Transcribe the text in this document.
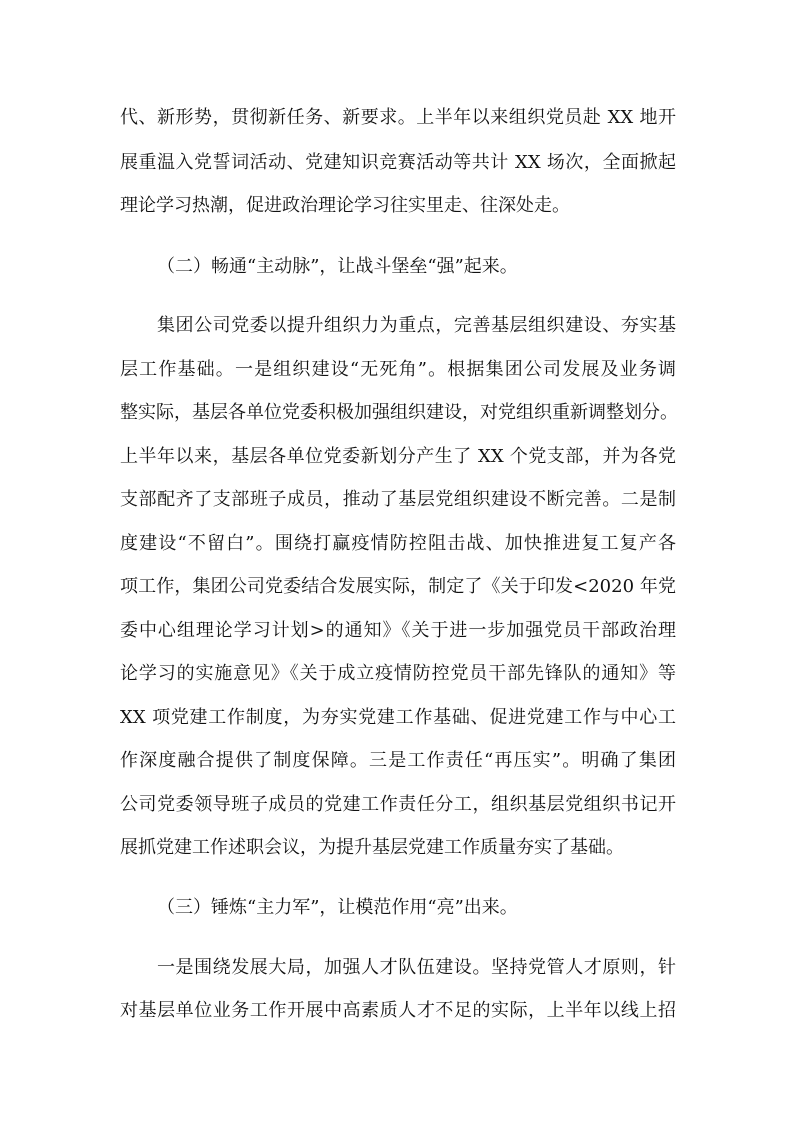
代、新形势，贯彻新任务、新要求。上半年以来组织党员赴 XX 地开
展重温入党誓词活动、党建知识竞赛活动等共计 XX 场次，全面掀起
理论学习热潮，促进政治理论学习往实里走、往深处走。
（二）畅通“主动脉”，让战斗堡垒“强”起来。
集团公司党委以提升组织力为重点，完善基层组织建设、夯实基
层工作基础。一是组织建设“无死角”。根据集团公司发展及业务调
整实际，基层各单位党委积极加强组织建设，对党组织重新调整划分。
上半年以来，基层各单位党委新划分产生了 XX 个党支部，并为各党
支部配齐了支部班子成员，推动了基层党组织建设不断完善。二是制
度建设“不留白”。围绕打赢疫情防控阻击战、加快推进复工复产各
项工作，集团公司党委结合发展实际，制定了《关于印发<2020 年党
委中心组理论学习计划>的通知》《关于进一步加强党员干部政治理
论学习的实施意见》《关于成立疫情防控党员干部先锋队的通知》等
XX 项党建工作制度，为夯实党建工作基础、促进党建工作与中心工
作深度融合提供了制度保障。三是工作责任“再压实”。明确了集团
公司党委领导班子成员的党建工作责任分工，组织基层党组织书记开
展抓党建工作述职会议，为提升基层党建工作质量夯实了基础。
（三）锤炼“主力军”，让模范作用“亮”出来。
一是围绕发展大局，加强人才队伍建设。坚持党管人才原则，针
对基层单位业务工作开展中高素质人才不足的实际，上半年以线上招
